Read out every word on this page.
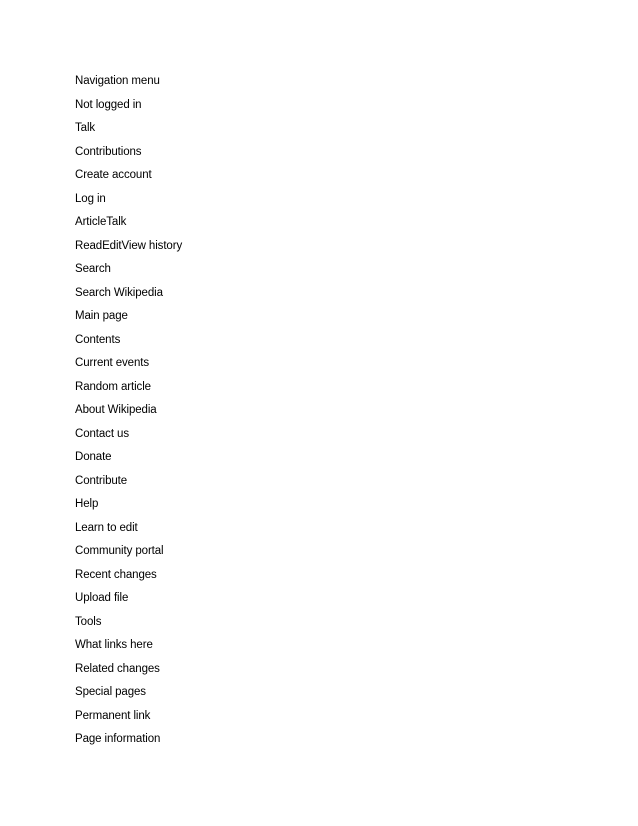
Navigation menu
Not logged in
Talk
Contributions
Create account
Log in
ArticleTalk
ReadEditView history
Search
Search Wikipedia
Main page
Contents
Current events
Random article
About Wikipedia
Contact us
Donate
Contribute
Help
Learn to edit
Community portal
Recent changes
Upload file
Tools
What links here
Related changes
Special pages
Permanent link
Page information
